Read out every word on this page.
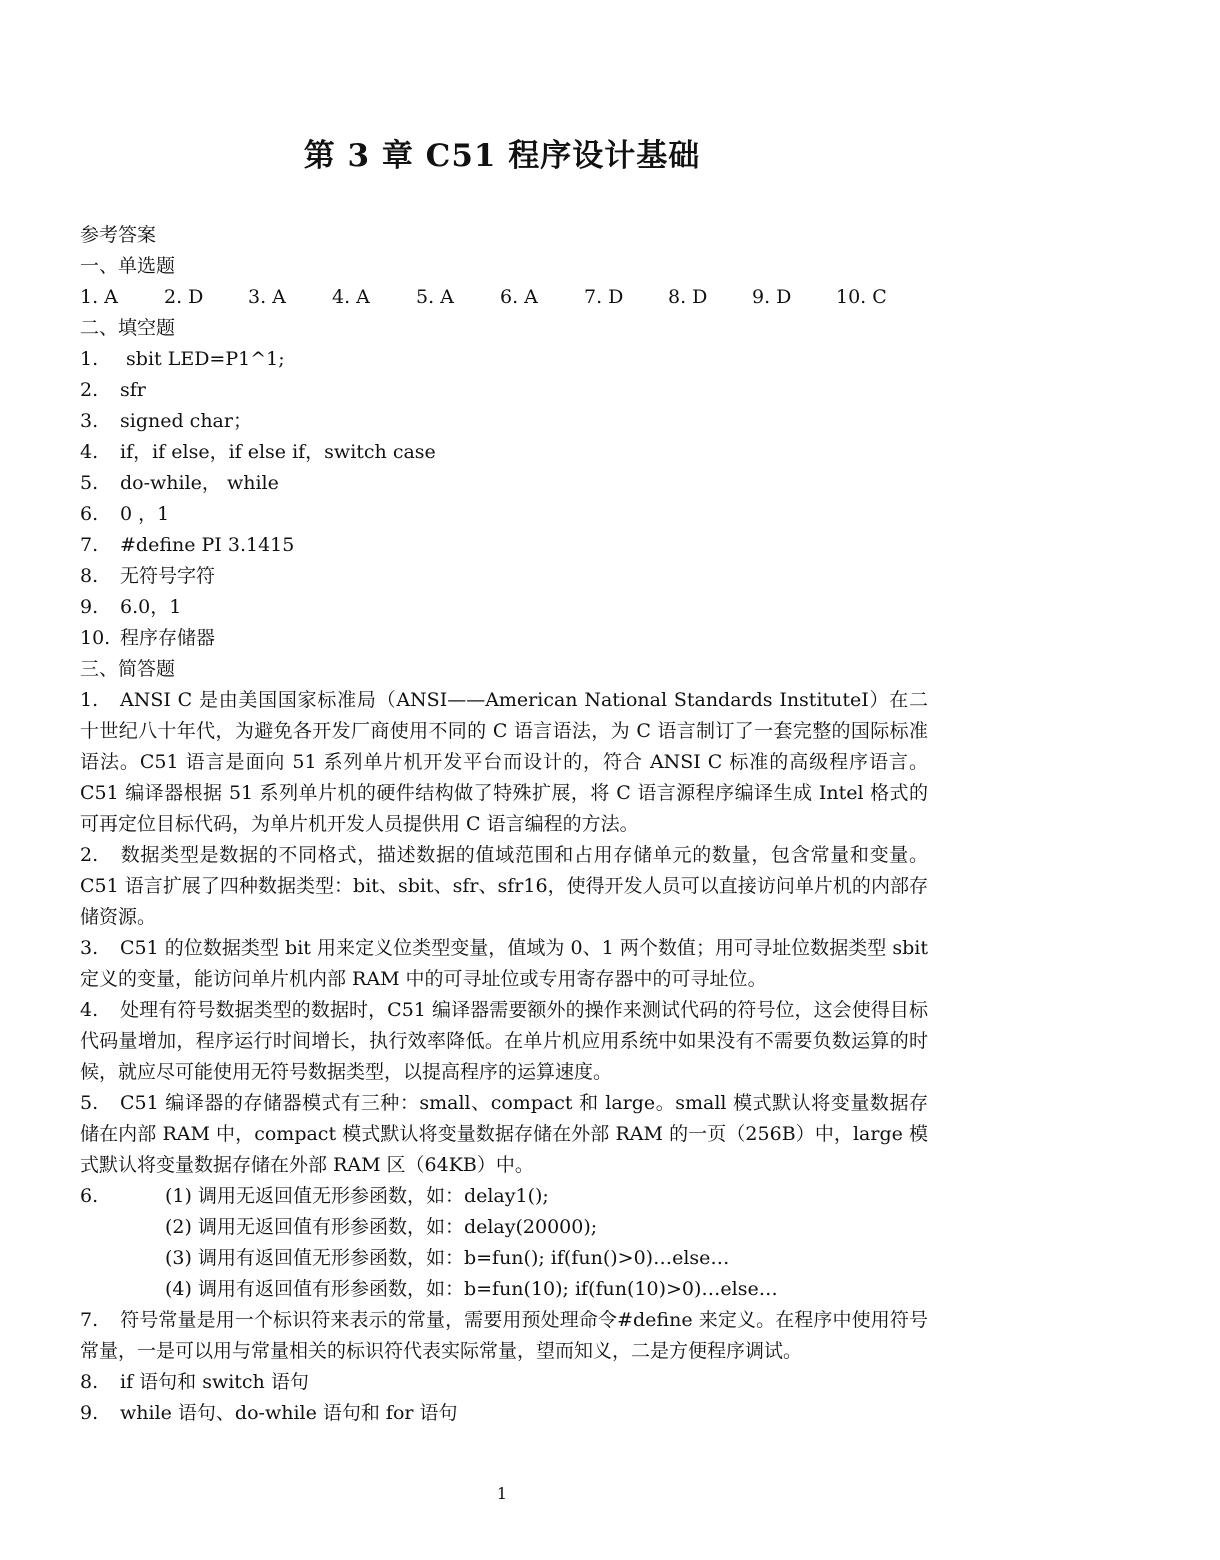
第 3 章 C51 程序设计基础

参考答案

一、单选题

1. A	2. D	3. A	4. A	5. A	6. A	7. D	8. D	9. D	10. C

二、填空题

1. sbit LED=P1^1;

2. sfr

3. signed char；

4. if，if else，if else if，switch case

5. do-while， while

6. 0 ，1

7. #define PI 3.1415

8. 无符号字符

9. 6.0，1

10. 程序存储器

三、简答题

1. ANSI C 是由美国国家标准局（ANSI——American National Standards InstituteI）在二十世纪八十年代，为避免各开发厂商使用不同的 C 语言语法，为 C 语言制订了一套完整的国际标准语法。C51 语言是面向 51 系列单片机开发平台而设计的，符合 ANSI C 标准的高级程序语言。C51 编译器根据 51 系列单片机的硬件结构做了特殊扩展，将 C 语言源程序编译生成 Intel 格式的可再定位目标代码，为单片机开发人员提供用 C 语言编程的方法。

2. 数据类型是数据的不同格式，描述数据的值域范围和占用存储单元的数量，包含常量和变量。C51 语言扩展了四种数据类型：bit、sbit、sfr、sfr16，使得开发人员可以直接访问单片机的内部存储资源。

3. C51 的位数据类型 bit 用来定义位类型变量，值域为 0、1 两个数值；用可寻址位数据类型 sbit 定义的变量，能访问单片机内部 RAM 中的可寻址位或专用寄存器中的可寻址位。

4. 处理有符号数据类型的数据时，C51 编译器需要额外的操作来测试代码的符号位，这会使得目标代码量增加，程序运行时间增长，执行效率降低。在单片机应用系统中如果没有不需要负数运算的时候，就应尽可能使用无符号数据类型，以提高程序的运算速度。

5. C51 编译器的存储器模式有三种：small、compact 和 large。small 模式默认将变量数据存储在内部 RAM 中，compact 模式默认将变量数据存储在外部 RAM 的一页（256B）中，large 模式默认将变量数据存储在外部 RAM 区（64KB）中。

6.	(1) 调用无返回值无形参函数，如：delay1();

(2) 调用无返回值有形参函数，如：delay(20000);

(3) 调用有返回值无形参函数，如：b=fun(); if(fun()>0)…else…

(4) 调用有返回值有形参函数，如：b=fun(10); if(fun(10)>0)…else…

7. 符号常量是用一个标识符来表示的常量，需要用预处理命令#define 来定义。在程序中使用符号常量，一是可以用与常量相关的标识符代表实际常量，望而知义，二是方便程序调试。

8. if 语句和 switch 语句

9. while 语句、do-while 语句和 for 语句

1
